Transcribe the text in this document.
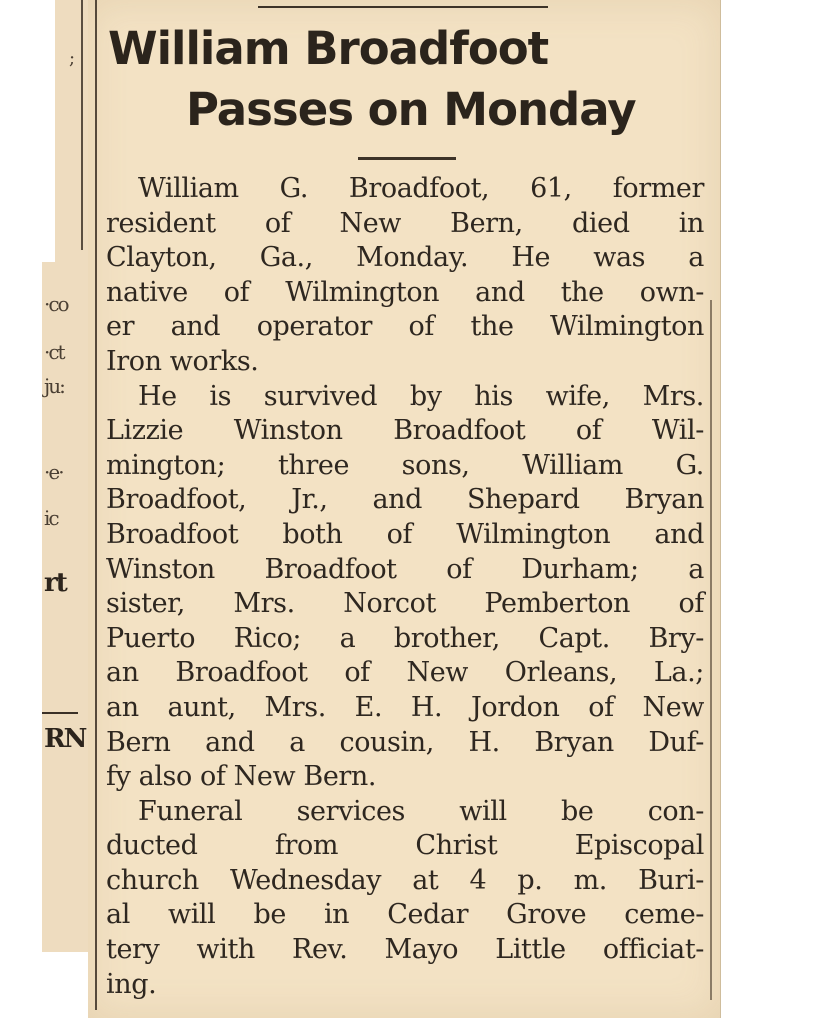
;
·co
·ct
ju:
·e·
ic
rt
RN
William Broadfoot
Passes on Monday
William G. Broadfoot, 61, former
resident of New Bern, died in
Clayton, Ga., Monday. He was a
native of Wilmington and the own-
er and operator of the Wilmington
Iron works.
He is survived by his wife, Mrs.
Lizzie Winston Broadfoot of Wil-
mington; three sons, William G.
Broadfoot, Jr., and Shepard Bryan
Broadfoot both of Wilmington and
Winston Broadfoot of Durham; a
sister, Mrs. Norcot Pemberton of
Puerto Rico; a brother, Capt. Bry-
an Broadfoot of New Orleans, La.;
an aunt, Mrs. E. H. Jordon of New
Bern and a cousin, H. Bryan Duf-
fy also of New Bern.
Funeral services will be con-
ducted from Christ Episcopal
church Wednesday at 4 p. m. Buri-
al will be in Cedar Grove ceme-
tery with Rev. Mayo Little officiat-
ing.
